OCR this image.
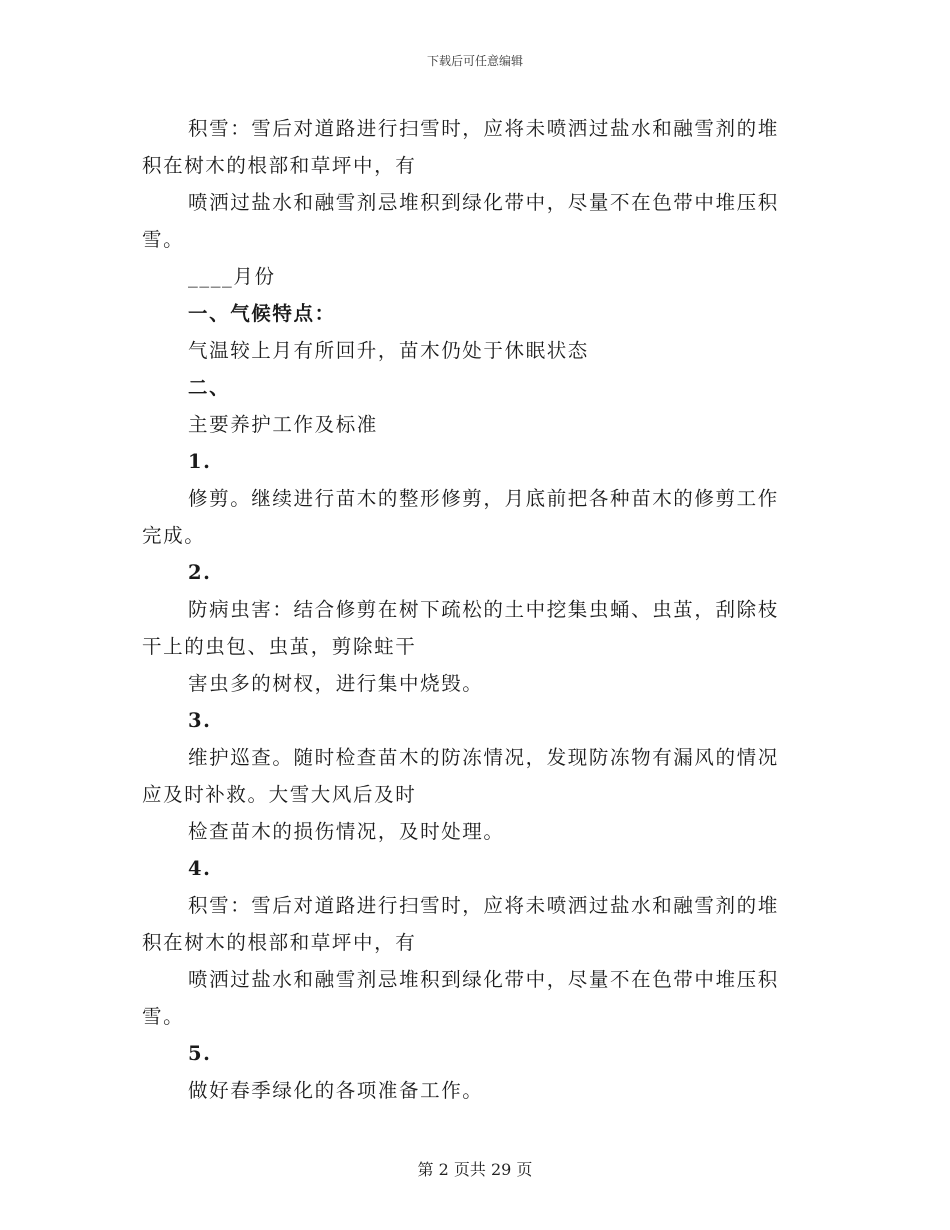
下载后可任意编辑

积雪：雪后对道路进行扫雪时，应将未喷洒过盐水和融雪剂的堆

积在树木的根部和草坪中，有

喷洒过盐水和融雪剂忌堆积到绿化带中，尽量不在色带中堆压积

雪。

____月份

一、气候特点：

气温较上月有所回升，苗木仍处于休眠状态

二、

主要养护工作及标准

1.

修剪。继续进行苗木的整形修剪，月底前把各种苗木的修剪工作

完成。

2.

防病虫害：结合修剪在树下疏松的土中挖集虫蛹、虫茧，刮除枝

干上的虫包、虫茧，剪除蛀干

害虫多的树杈，进行集中烧毁。

3.

维护巡查。随时检查苗木的防冻情况，发现防冻物有漏风的情况

应及时补救。大雪大风后及时

检查苗木的损伤情况，及时处理。

4.

积雪：雪后对道路进行扫雪时，应将未喷洒过盐水和融雪剂的堆

积在树木的根部和草坪中，有

喷洒过盐水和融雪剂忌堆积到绿化带中，尽量不在色带中堆压积

雪。

5.

做好春季绿化的各项准备工作。

第 2 页共 29 页
